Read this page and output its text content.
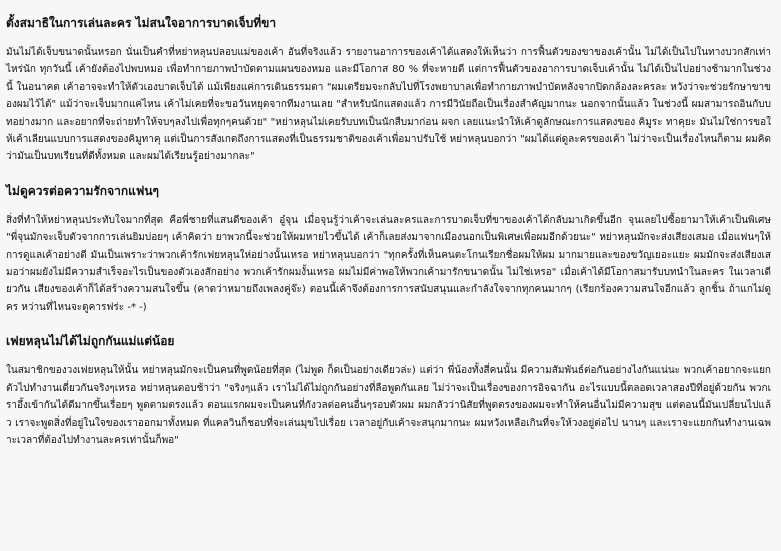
ตั้งสมาธิในการเล่นละคร ไม่สนใจอาการบาดเจ็บที่ขา

มันไม่ได้เจ็บขนาดนั้นหรอก นั่นเป็นคำที่หย่าหลุนปลอบแม่ของเค้า อันที่จริงแล้ว รายงานอาการของเค้าได้แสดงให้เห็นว่า การฟื้นตัวของขาของเค้านั้น ไม่ได้เป็นไปในทางบวกสักเท่าไหร่นัก ทุกวันนี้ เค้ายังต้องไปพบหมอ เพื่อทำกายภาพบำบัดตามแผนของหมอ และมีโอกาส 80 % ที่จะหายดี แต่การฟื้นตัวของอาการบาดเจ็บเค้านั้น ไม่ได้เป็นไปอย่างช้ามากในช่วงนี้ ในอนาคต เค้าอาจจะทำให้ตัวเองบาดเจ็บได้ แม้เพียงแค่การเดินธรรมดา "ผมเตรียมจะกลับไปที่โรงพยาบาลเพื่อทำกายภาพบำบัดหลังจากปิดกล้องละครละ หวังว่าจะช่วยรักษาขาของผมไว้ได้" แม้ว่าจะเจ็บมากแค่ไหน เค้าไม่เคยที่จะขอวันหยุดจากทีมงานเลย "สำหรับนักแสดงแล้ว การมีวินัยถือเป็นเรื่องสำคัญมากนะ นอกจากนั้นแล้ว ในช่วงนี้ ผมสามารถอินกับบทอย่างมาก และอยากที่จะถ่ายทำให้จบๆลงไปเพื่อทุกๆคนด้วย" "หย่าหลุนไม่เคยรับบทเป็นนักสืบมาก่อน ผจก เลยแนะนำให้เค้าดูลักษณะการแสดงของ คิมูระ ทาคุยะ มันไม่ใช่การขอให้เค้าเลียนแบบการแสดงของคิมูทาคุ แต่เป็นการสังเกตถึงการแสดงที่เป็นธรรมชาติของเค้าเพื่อมาปรับใช้ หย่าหลุนบอกว่า "ผมได้แต่ดูละครของเค้า ไม่ว่าจะเป็นเรื่องไหนก็ตาม ผมคิดว่ามันเป็นบทเรียนที่ดีทั้งหมด และผมได้เรียนรู้อย่างมากละ"

ไม่ดูควรต่อความรักจากแฟนๆ

สิ่งที่ทำให้หย่าหลุนประทับใจมากที่สุด คือพี่ชายที่แสนดีของเค้า อู๋จุน เมื่อจุนรู้ว่าเค้าจะเล่นละครและการบาดเจ็บที่ขาของเค้าได้กลับมาเกิดขึ้นอีก จุนเลยไปซื้อยามาให้เค้าเป็นพิเศษ "พี่จุนมักจะเจ็บตัวจากการเล่นยิมบ่อยๆ เค้าคิดว่า ยาพวกนี้จะช่วยให้ผมหายไวขึ้นได้ เค้าก็เลยส่งมาจากเมืองนอกเป็นพิเศษเพื่อผมอีกด้วยนะ" หย่าหลุนมักจะส่งเสียงเสมอ เมื่อแฟนๆให้การดูแลเค้าอย่างดี มันเป็นเพราะว่าพวกเค้ารักเฟยหลุนให่อย่างนั้นเหรอ หย่าหลุนบอกว่า "ทุกครั้งที่เห็นคนตะโกนเรียกชื่อผมให้ผม มากมายและของขวัญเยอะแยะ ผมมักจะส่งเสียงเสมอว่าผมยังไม่มีความสำเร็จอะไรเป็นของตัวเองสักอย่าง พวกเค้ารักผมงั้นเหรอ ผมไม่มีค่าพอให้พวกเค้ามารักขนาดนั้น ไม่ใช่เหรอ" เมื่อเค้าได้มีโอกาสมารับบทนำในละคร ในเวลาเดียวกัน เสียงของเค้าก็ได้สร้างความสนใจขึ้น (คาดว่าหมายถึงเพลงคู่จ๊ะ) ตอนนี้เค้าจึงต้องการการสนับสนุนและกำลังใจจากทุกคนมากๆ (เรียกร้องความสนใจอีกแล้ว ลูกชิ้น ถ้าแกไม่ดูคร หว่านที่ไหนจะดูคารฟร่ะ -* -)

เฟยหลุนไม่ได้ไม่ถูกกันแม่แต่น้อย

ในสมาชิกของวงเฟยหลุนให้นั้น หย่าหลุนมักจะเป็นคนที่พูดน้อยที่สุด (ไม่พูด ก็ดเป็นอย่างเดียวล่ะ) แต่ว่า พี่น้องทั้งสี่คนนั้น มีความสัมพันธ์ต่อกันอย่างไงกันแน่นะ พวกเค้าอยากจะแยกตัวไปทำงานเดี่ยวกันจริงๆเหรอ หย่าหลุนตอบช้าว่า "จริงๆแล้ว เราไม่ได้ไม่ถูกกันอย่างที่ลือพูดกันเลย ไม่ว่าจะเป็นเรื่องของการอิจฉากัน อะไรแบบนี้ตลอดเวลาสองปีที่อยู่ด้วยกัน พวกเราอึ้งเข้ากันได้ดีมากขึ้นเรื่อยๆ พูดตามตรงแล้ว ตอนแรกผมจะเป็นคนที่กังวลต่อคนอื่นๆรอบตัวผม ผมกลัวว่านิสัยที่พูดตรงของผมจะทำให้คนอื่นไม่มีความสุข แต่ตอนนี้มันเปลี่ยนไปแล้ว เราจะพูดสิ่งที่อยู่ในใจของเราออกมาทั้งหมด ที่แคลวินก็ชอบที่จะเล่นมุขไปเรื่อย เวลาอยู่กับเค้าจะสนุกมากนะ ผมหวังเหลือเกินที่จะให้วงอยู่ต่อไป นานๆ และเราจะแยกกันทำงานเฉพาะเวลาที่ต้องไปทำงานละครเท่านั้นก็พอ"
